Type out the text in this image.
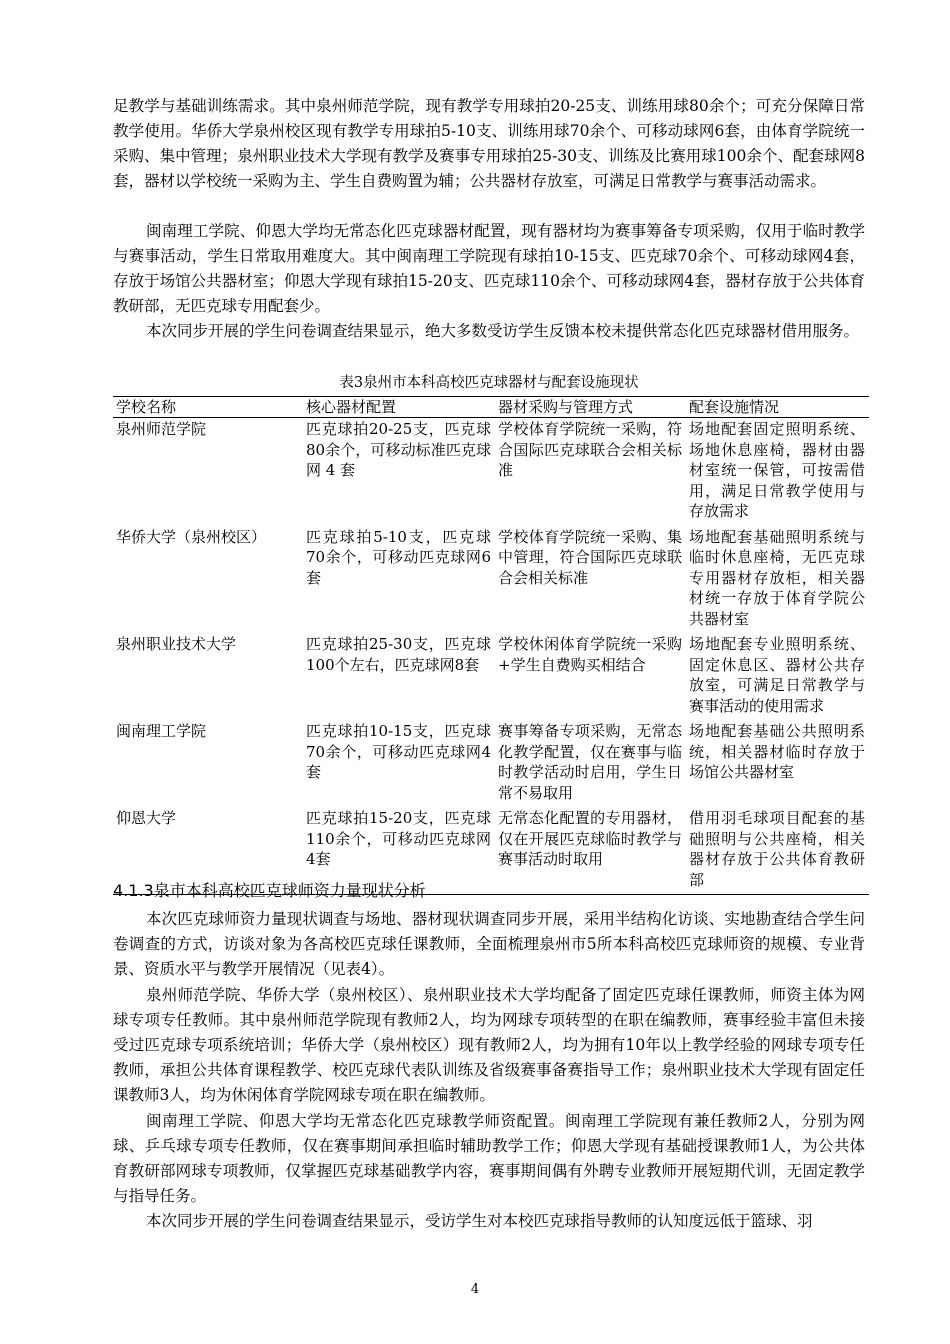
足教学与基础训练需求。其中泉州师范学院，现有教学专用球拍20-25支、训练用球80余个；可充分保障日常教学使用。华侨大学泉州校区现有教学专用球拍5-10支、训练用球70余个、可移动球网6套，由体育学院统一采购、集中管理；泉州职业技术大学现有教学及赛事专用球拍25-30支、训练及比赛用球100余个、配套球网8套，器材以学校统一采购为主、学生自费购置为辅；公共器材存放室，可满足日常教学与赛事活动需求。

闽南理工学院、仰恩大学均无常态化匹克球器材配置，现有器材均为赛事筹备专项采购，仅用于临时教学与赛事活动，学生日常取用难度大。其中闽南理工学院现有球拍10-15支、匹克球70余个、可移动球网4套，存放于场馆公共器材室；仰恩大学现有球拍15-20支、匹克球110余个、可移动球网4套，器材存放于公共体育教研部，无匹克球专用配套少。

本次同步开展的学生问卷调查结果显示，绝大多数受访学生反馈本校未提供常态化匹克球器材借用服务。

表3泉州市本科高校匹克球器材与配套设施现状
学校名称	核心器材配置	器材采购与管理方式	配套设施情况
泉州师范学院	匹克球拍20-25支，匹克球80余个，可移动标准匹克球网 4 套	学校体育学院统一采购，符合国际匹克球联合会相关标准	场地配套固定照明系统、场地休息座椅，器材由器材室统一保管，可按需借用，满足日常教学使用与存放需求
华侨大学（泉州校区）	匹克球拍5-10支，匹克球70余个，可移动匹克球网6套	学校体育学院统一采购、集中管理，符合国际匹克球联合会相关标准	场地配套基础照明系统与临时休息座椅，无匹克球专用器材存放柜，相关器材统一存放于体育学院公共器材室
泉州职业技术大学	匹克球拍25-30支，匹克球100个左右，匹克球网8套	学校休闲体育学院统一采购+学生自费购买相结合	场地配套专业照明系统、固定休息区、器材公共存放室，可满足日常教学与赛事活动的使用需求
闽南理工学院	匹克球拍10-15支，匹克球70余个，可移动匹克球网4套	赛事筹备专项采购，无常态化教学配置，仅在赛事与临时教学活动时启用，学生日常不易取用	场地配套基础公共照明系统，相关器材临时存放于场馆公共器材室
仰恩大学	匹克球拍15-20支，匹克球110余个，可移动匹克球网4套	无常态化配置的专用器材，仅在开展匹克球临时教学与赛事活动时取用	借用羽毛球项目配套的基础照明与公共座椅，相关器材存放于公共体育教研部
4.1.3泉市本科高校匹克球师资力量现状分析

本次匹克球师资力量现状调查与场地、器材现状调查同步开展，采用半结构化访谈、实地勘查结合学生问卷调查的方式，访谈对象为各高校匹克球任课教师，全面梳理泉州市5所本科高校匹克球师资的规模、专业背景、资质水平与教学开展情况（见表4）。

泉州师范学院、华侨大学（泉州校区）、泉州职业技术大学均配备了固定匹克球任课教师，师资主体为网球专项专任教师。其中泉州师范学院现有教师2人，均为网球专项转型的在职在编教师，赛事经验丰富但未接受过匹克球专项系统培训；华侨大学（泉州校区）现有教师2人，均为拥有10年以上教学经验的网球专项专任教师，承担公共体育课程教学、校匹克球代表队训练及省级赛事备赛指导工作；泉州职业技术大学现有固定任课教师3人，均为休闲体育学院网球专项在职在编教师。

闽南理工学院、仰恩大学均无常态化匹克球教学师资配置。闽南理工学院现有兼任教师2人，分别为网球、乒乓球专项专任教师，仅在赛事期间承担临时辅助教学工作；仰恩大学现有基础授课教师1人，为公共体育教研部网球专项教师，仅掌握匹克球基础教学内容，赛事期间偶有外聘专业教师开展短期代训，无固定教学与指导任务。

本次同步开展的学生问卷调查结果显示，受访学生对本校匹克球指导教师的认知度远低于篮球、羽

4
